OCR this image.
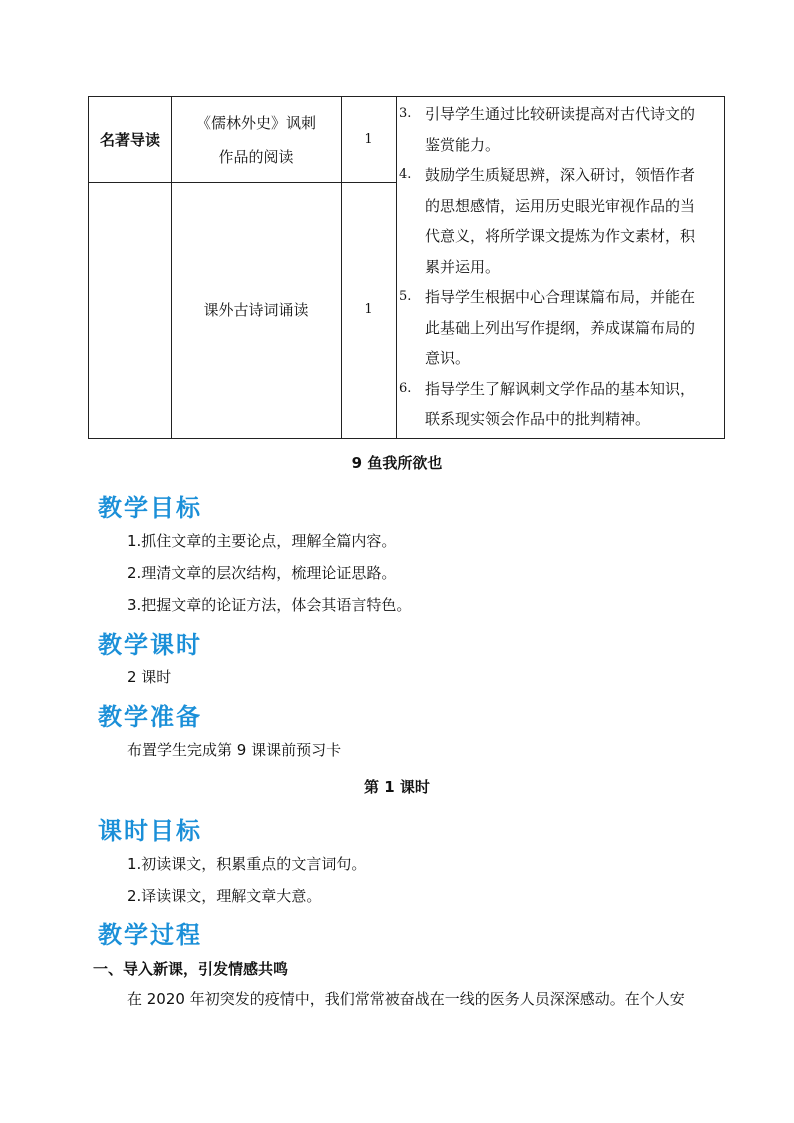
名著导读
《儒林外史》讽刺
作品的阅读
1
课外古诗词诵读	1
3. 引导学生通过比较研读提高对古代诗文的
鉴赏能力。
4. 鼓励学生质疑思辨，深入研讨，领悟作者
的思想感情，运用历史眼光审视作品的当
代意义，将所学课文提炼为作文素材，积
累并运用。
5. 指导学生根据中心合理谋篇布局，并能在
此基础上列出写作提纲，养成谋篇布局的
意识。
6. 指导学生了解讽刺文学作品的基本知识，
联系现实领会作品中的批判精神。
9 鱼我所欲也
教学目标
1.抓住文章的主要论点，理解全篇内容。
2.理清文章的层次结构，梳理论证思路。
3.把握文章的论证方法，体会其语言特色。
教学课时
2 课时
教学准备
布置学生完成第 9 课课前预习卡
第 1 课时
课时目标
1.初读课文，积累重点的文言词句。
2.译读课文，理解文章大意。
教学过程
一、导入新课，引发情感共鸣
在 2020 年初突发的疫情中，我们常常被奋战在一线的医务人员深深感动。在个人安
